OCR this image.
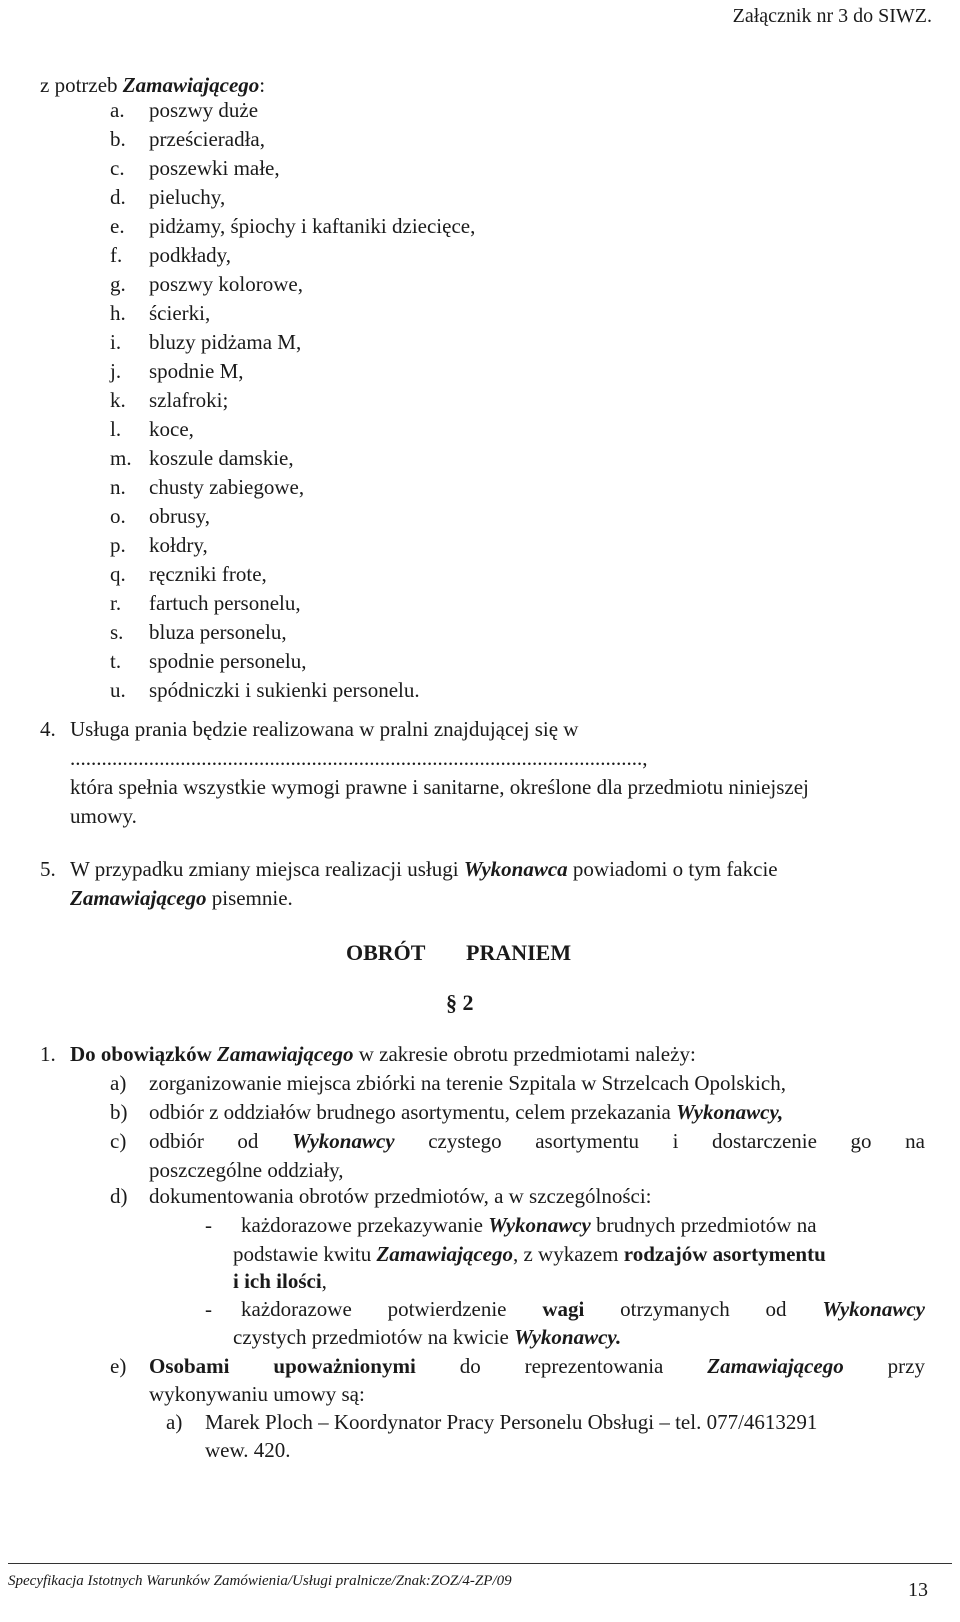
Załącznik nr 3 do SIWZ.
z potrzeb Zamawiającego:
a. poszwy duże
b. prześcieradła,
c. poszewki małe,
d. pieluchy,
e. pidżamy, śpiochy i kaftaniki dziecięce,
f. podkłady,
g. poszwy kolorowe,
h. ścierki,
i. bluzy pidżama M,
j. spodnie M,
k. szlafroki;
l. koce,
m. koszule damskie,
n. chusty zabiegowe,
o. obrusy,
p. kołdry,
q. ręczniki frote,
r. fartuch personelu,
s. bluza personelu,
t. spodnie personelu,
u. spódniczki i sukienki personelu.
4. Usługa prania będzie realizowana w pralni znajdującej się w
.............................................................................................................,
która spełnia wszystkie wymogi prawne i sanitarne, określone dla przedmiotu niniejszej
umowy.
5. W przypadku zmiany miejsca realizacji usługi Wykonawca powiadomi o tym fakcie
Zamawiającego pisemnie.
OBRÓT PRANIEM
§ 2
1. Do obowiązków Zamawiającego w zakresie obrotu przedmiotami należy:
a) zorganizowanie miejsca zbiórki na terenie Szpitala w Strzelcach Opolskich,
b) odbiór z oddziałów brudnego asortymentu, celem przekazania Wykonawcy,
c) odbiór od Wykonawcy czystego asortymentu i dostarczenie go na
poszczególne oddziały,
d) dokumentowania obrotów przedmiotów, a w szczególności:
- każdorazowe przekazywanie Wykonawcy brudnych przedmiotów na
podstawie kwitu Zamawiającego, z wykazem rodzajów asortymentu
i ich ilości,
- każdorazowe potwierdzenie wagi otrzymanych od Wykonawcy
czystych przedmiotów na kwicie Wykonawcy.
e) Osobami upoważnionymi do reprezentowania Zamawiającego przy
wykonywaniu umowy są:
a) Marek Ploch – Koordynator Pracy Personelu Obsługi – tel. 077/4613291
wew. 420.
Specyfikacja Istotnych Warunków Zamówienia/Usługi pralnicze/Znak:ZOZ/4-ZP/09	13
